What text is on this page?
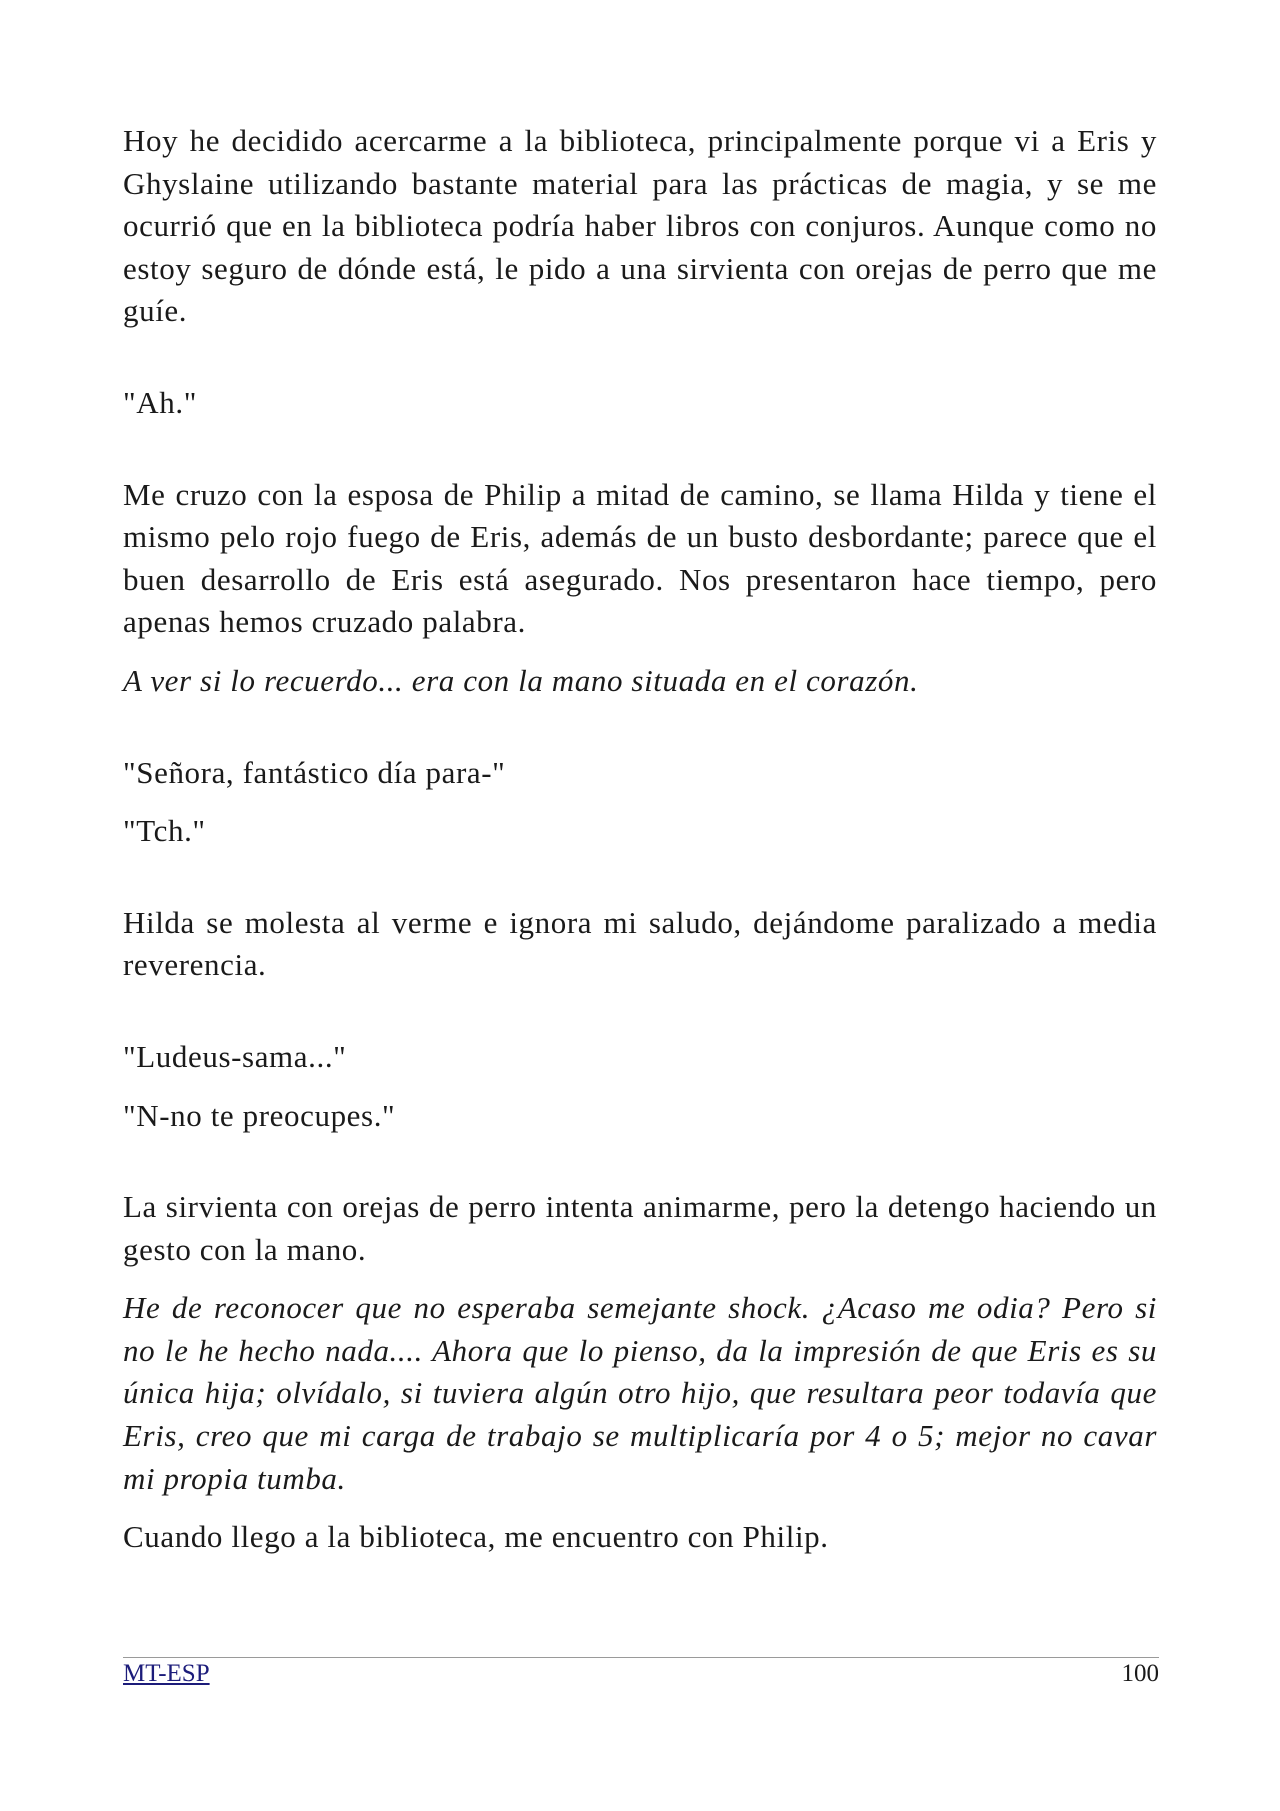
Hoy he decidido acercarme a la biblioteca, principalmente porque vi a Eris y Ghyslaine utilizando bastante material para las prácticas de magia, y se me ocurrió que en la biblioteca podría haber libros con conjuros. Aunque como no estoy seguro de dónde está, le pido a una sirvienta con orejas de perro que me guíe.

"Ah."

Me cruzo con la esposa de Philip a mitad de camino, se llama Hilda y tiene el mismo pelo rojo fuego de Eris, además de un busto desbordante; parece que el buen desarrollo de Eris está asegurado. Nos presentaron hace tiempo, pero apenas hemos cruzado palabra.

A ver si lo recuerdo... era con la mano situada en el corazón.

"Señora, fantástico día para-"

"Tch."

Hilda se molesta al verme e ignora mi saludo, dejándome paralizado a media reverencia.

"Ludeus-sama..."

"N-no te preocupes."

La sirvienta con orejas de perro intenta animarme, pero la detengo haciendo un gesto con la mano.

He de reconocer que no esperaba semejante shock. ¿Acaso me odia? Pero si no le he hecho nada.... Ahora que lo pienso, da la impresión de que Eris es su única hija; olvídalo, si tuviera algún otro hijo, que resultara peor todavía que Eris, creo que mi carga de trabajo se multiplicaría por 4 o 5; mejor no cavar mi propia tumba.

Cuando llego a la biblioteca, me encuentro con Philip.

MT-ESP	100
